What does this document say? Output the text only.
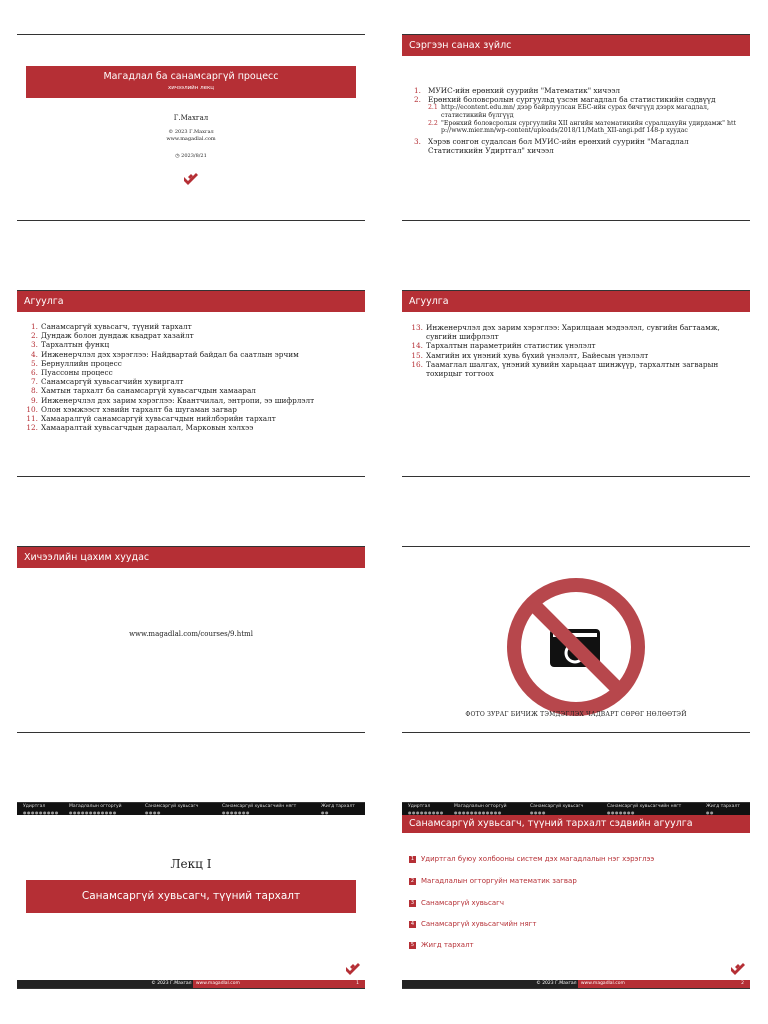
Магадлал ба санамсаргүй процесс
хичээлийн лекц
Г.Махгал
© 2023 Г.Махгал
www.magadlal.com
◷ 2023/8/21
Сэргээн санах зүйлс
1. МУИС-ийн ерөнхий суурийн "Математик" хичээл
2. Ерөнхий боловсролын сургуульд үзсэн магадлал ба статистикийн сэдвүүд
2.1 http://econtent.edu.mn/ дээр байрлуулсан ЕБС-ийн сурах бичгүүд дээрх магадлал, статистикийн бүлгүүд
2.2 "Ерөнхий боловсролын сургуулийн XII ангийн математикийн суралцахуйн удирдамж" http://www.mier.mn/wp-content/uploads/2018/11/Math_XII-angi.pdf 148-р хуудас
3. Хэрэв сонгон судалсан бол МУИС-ийн ерөнхий суурийн "Магадлал Статистикийн Удиртгал" хичээл
Агуулга
1. Санамсаргүй хувьсагч, түүний тархалт
2. Дундаж болон дундаж квадрат хазайлт
3. Тархалтын функц
4. Инженерчлэл дэх хэрэглээ: Найдвартай байдал ба саатлын эрчим
5. Бернуллийн процесс
6. Пуассоны процесс
7. Санамсаргүй хувьсагчийн хувиргалт
8. Хамтын тархалт ба санамсаргүй хувьсагчдын хамаарал
9. Инженерчлэл дэх зарим хэрэглээ: Квантчилал, энтропи, ээ шифрлэлт
10. Олон хэмжээст хэвийн тархалт ба шугаман загвар
11. Хамааралгүй санамсаргүй хувьсагчдын нийлбэрийн тархалт
12. Хамааралтай хувьсагчдын дараалал, Марковын хэлхээ
Агуулга
13. Инженерчлэл дэх зарим хэрэглээ: Харилцаан мэдээлэл, сувгийн багтаамж, сувгийн шифрлэлт
14. Тархалтын параметрийн статистик үнэлэлт
15. Хамгийн их үнэний хувь бүхий үнэлэлт, Байесын үнэлэлт
16. Таамаглал шалгах, үнэний хувийн харьцаат шинжүүр, тархалтын загварын тохирцыг тогтоох
Хичээлийн цахим хуудас
www.magadlal.com/courses/9.html
ФОТО ЗУРАГ БИЧИЖ ТЭМДЭГЛЭХ ЧАДВАРТ СӨРӨГ НӨЛӨӨТЭЙ
Удиртгал
●●●●●●●●●
Магадлалын огторгуй
●●●●●●●●●●●●
Санамсаргүй хувьсагч
●●●●
Санамсаргүй хувьсагчийн нягт
●●●●●●●
Жигд тархалт
●●
Лекц I
Санамсаргүй хувьсагч, түүний тархалт
© 2023 Г.Махгал www.magadlal.com	1
Удиртгал
●●●●●●●●●
Магадлалын огторгуй
●●●●●●●●●●●●
Санамсаргүй хувьсагч
●●●●
Санамсаргүй хувьсагчийн нягт
●●●●●●●
Жигд тархалт
●●
Санамсаргүй хувьсагч, түүний тархалт сэдвийн агуулга
1 Удиртгал буюу холбооны систем дэх магадлалын нэг хэрэглээ
2 Магадлалын огторгуйн математик загвар
3 Санамсаргүй хувьсагч
4 Санамсаргүй хувьсагчийн нягт
5 Жигд тархалт
© 2023 Г.Махгал www.magadlal.com	2
